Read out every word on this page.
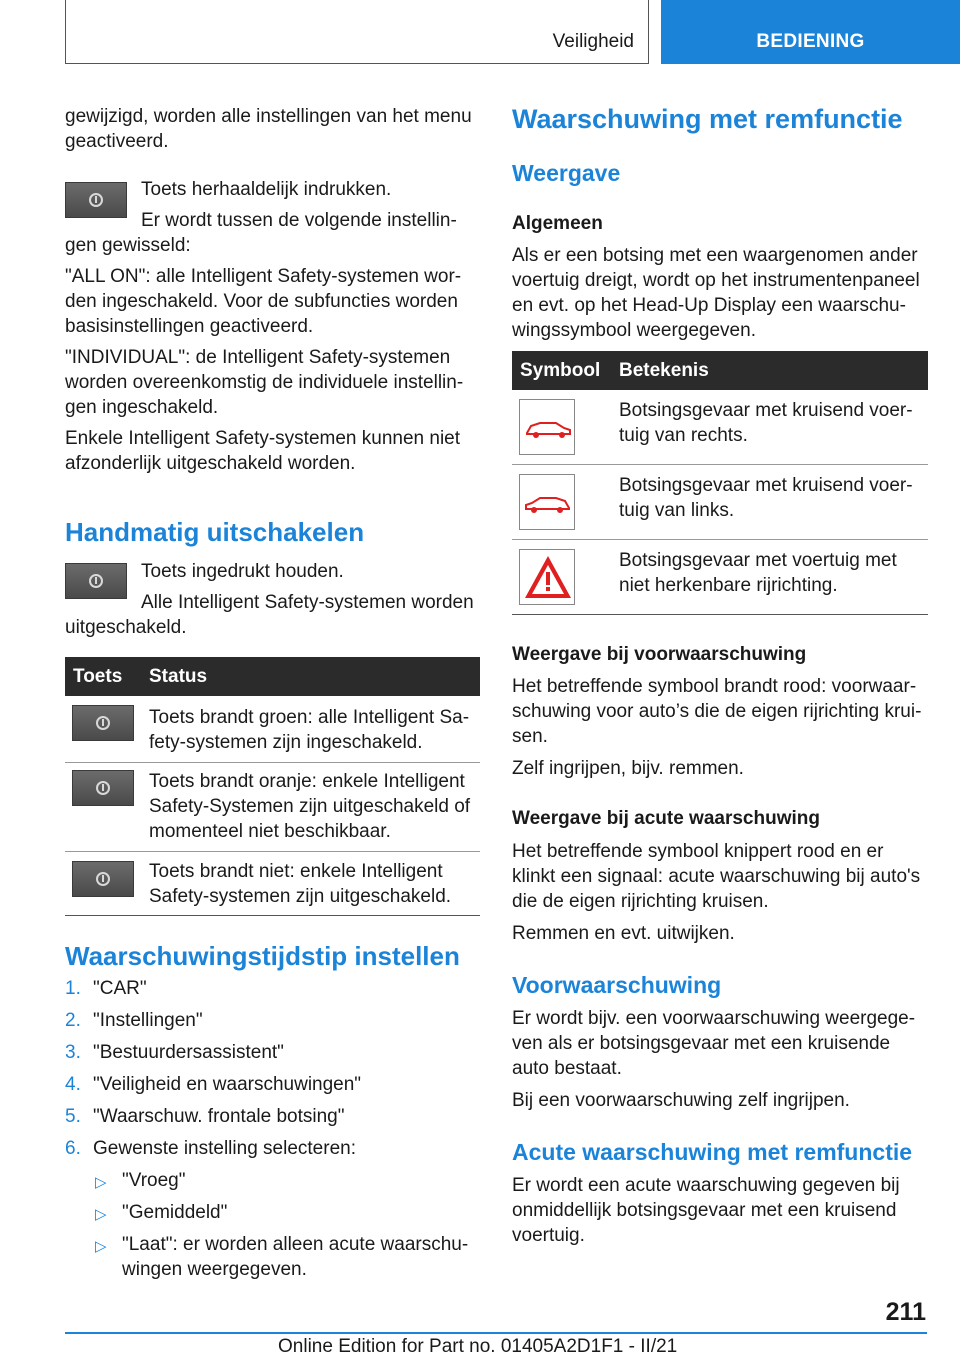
Veiligheid	BEDIENING

gewijzigd, worden alle instellingen van het menu geactiveerd.

Toets herhaaldelijk indrukken.

Er wordt tussen de volgende instellin-

gen gewisseld:

"ALL ON": alle Intelligent Safety-systemen wor-den ingeschakeld. Voor de subfuncties worden basisinstellingen geactiveerd.

"INDIVIDUAL": de Intelligent Safety-systemen worden overeenkomstig de individuele instellin-gen ingeschakeld.

Enkele Intelligent Safety-systemen kunnen niet afzonderlijk uitgeschakeld worden.

Handmatig uitschakelen

Toets ingedrukt houden.

Alle Intelligent Safety-systemen worden

uitgeschakeld.

Toets Status

Toets brandt groen: alle Intelligent Sa-fety-systemen zijn ingeschakeld.

Toets brandt oranje: enkele Intelligent Safety-Systemen zijn uitgeschakeld of momenteel niet beschikbaar.

Toets brandt niet: enkele Intelligent Safety-systemen zijn uitgeschakeld.

Waarschuwingstijdstip instellen
1. "CAR"
2. "Instellingen"
3. "Bestuurdersassistent"
4. "Veiligheid en waarschuwingen"
5. "Waarschuw. frontale botsing"
6. Gewenste instelling selecteren:
▷ "Vroeg"
▷ "Gemiddeld"
▷ "Laat": er worden alleen acute waarschu-wingen weergegeven.
Waarschuwing met remfunctie
Weergave
Algemeen
Als er een botsing met een waargenomen ander voertuig dreigt, wordt op het instrumentenpaneel en evt. op het Head-Up Display een waarschu-wingssymbool weergegeven.
Symbool Betekenis
Botsingsgevaar met kruisend voer-tuig van rechts.
Botsingsgevaar met kruisend voer-tuig van links.
Botsingsgevaar met voertuig met niet herkenbare rijrichting.
Weergave bij voorwaarschuwing

Het betreffende symbool brandt rood: voorwaar-schuwing voor auto’s die de eigen rijrichting krui-sen.

Zelf ingrijpen, bijv. remmen.

Weergave bij acute waarschuwing

Het betreffende symbool knippert rood en er klinkt een signaal: acute waarschuwing bij auto's die de eigen rijrichting kruisen.

Remmen en evt. uitwijken.

Voorwaarschuwing

Er wordt bijv. een voorwaarschuwing weergege-ven als er botsingsgevaar met een kruisende auto bestaat.

Bij een voorwaarschuwing zelf ingrijpen.

Acute waarschuwing met remfunctie
Er wordt een acute waarschuwing gegeven bij onmiddellijk botsingsgevaar met een kruisend voertuig.
211
Online Edition for Part no. 01405A2D1F1 - II/21
